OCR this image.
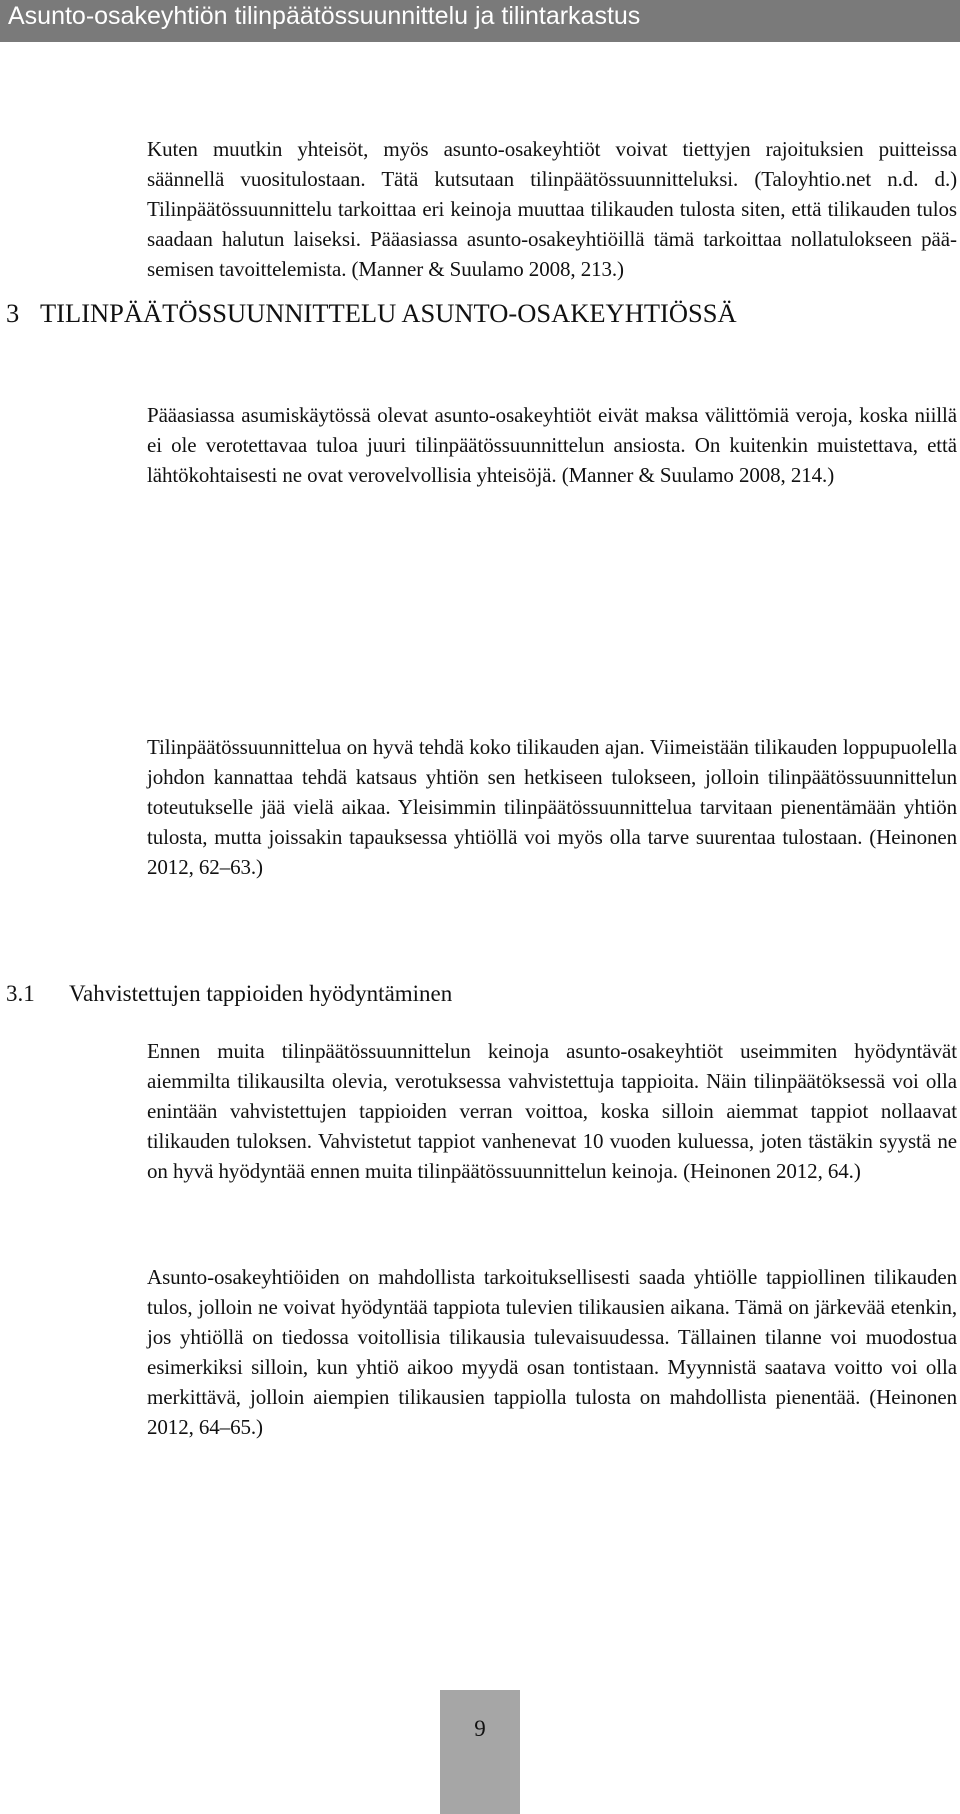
Asunto-osakeyhtiön tilinpäätössuunnittelu ja tilintarkastus
3 TILINPÄÄTÖSSUUNNITTELU ASUNTO-OSAKEYHTIÖSSÄ

Kuten muutkin yhteisöt, myös asunto-osakeyhtiöt voivat tiettyjen rajoituksien puitteissa säännellä vuositulostaan. Tätä kutsutaan tilinpäätössuunnitteluksi. (Taloyhtio.net n.d. d.) Tilinpäätössuunnittelu tarkoittaa eri keinoja muuttaa tilikauden tulosta siten, että tilikauden tulos saadaan halutun laiseksi. Pääasiassa asunto-osakeyhtiöillä tämä tarkoittaa nollatulokseen pääsemisen tavoittelemista. (Manner & Suulamo 2008, 213.)

Pääasiassa asumiskäytössä olevat asunto-osakeyhtiöt eivät maksa välittömiä veroja, koska niillä ei ole verotettavaa tuloa juuri tilinpäätössuunnittelun ansiosta. On kuitenkin muistettava, että lähtökohtaisesti ne ovat verovelvollisia yhteisöjä. (Manner & Suulamo 2008, 214.)

Tilinpäätössuunnittelua on hyvä tehdä koko tilikauden ajan. Viimeistään tilikauden loppupuolella johdon kannattaa tehdä katsaus yhtiön sen hetkiseen tulokseen, jolloin tilinpäätössuunnittelun toteutukselle jää vielä aikaa. Yleisimmin tilinpäätössuunnittelua tarvitaan pienentämään yhtiön tulosta, mutta joissakin tapauksessa yhtiöllä voi myös olla tarve suurentaa tulostaan. (Heinonen 2012, 62–63.)

3.1 Vahvistettujen tappioiden hyödyntäminen

Ennen muita tilinpäätössuunnittelun keinoja asunto-osakeyhtiöt useimmiten hyödyntävät aiemmilta tilikausilta olevia, verotuksessa vahvistettuja tappioita. Näin tilinpäätöksessä voi olla enintään vahvistettujen tappioiden verran voittoa, koska silloin aiemmat tappiot nollaavat tilikauden tuloksen. Vahvistetut tappiot vanhenevat 10 vuoden kuluessa, joten tästäkin syystä ne on hyvä hyödyntää ennen muita tilinpäätössuunnittelun keinoja. (Heinonen 2012, 64.)

Asunto-osakeyhtiöiden on mahdollista tarkoituksellisesti saada yhtiölle tappiollinen tilikauden tulos, jolloin ne voivat hyödyntää tappiota tulevien tilikausien aikana. Tämä on järkevää etenkin, jos yhtiöllä on tiedossa voitollisia tilikausia tulevaisuudessa. Tällainen tilanne voi muodostua esimerkiksi silloin, kun yhtiö aikoo myydä osan tontistaan. Myynnistä saatava voitto voi olla merkittävä, jolloin aiempien tilikausien tappiolla tulosta on mahdollista pienentää. (Heinonen 2012, 64–65.)

9
